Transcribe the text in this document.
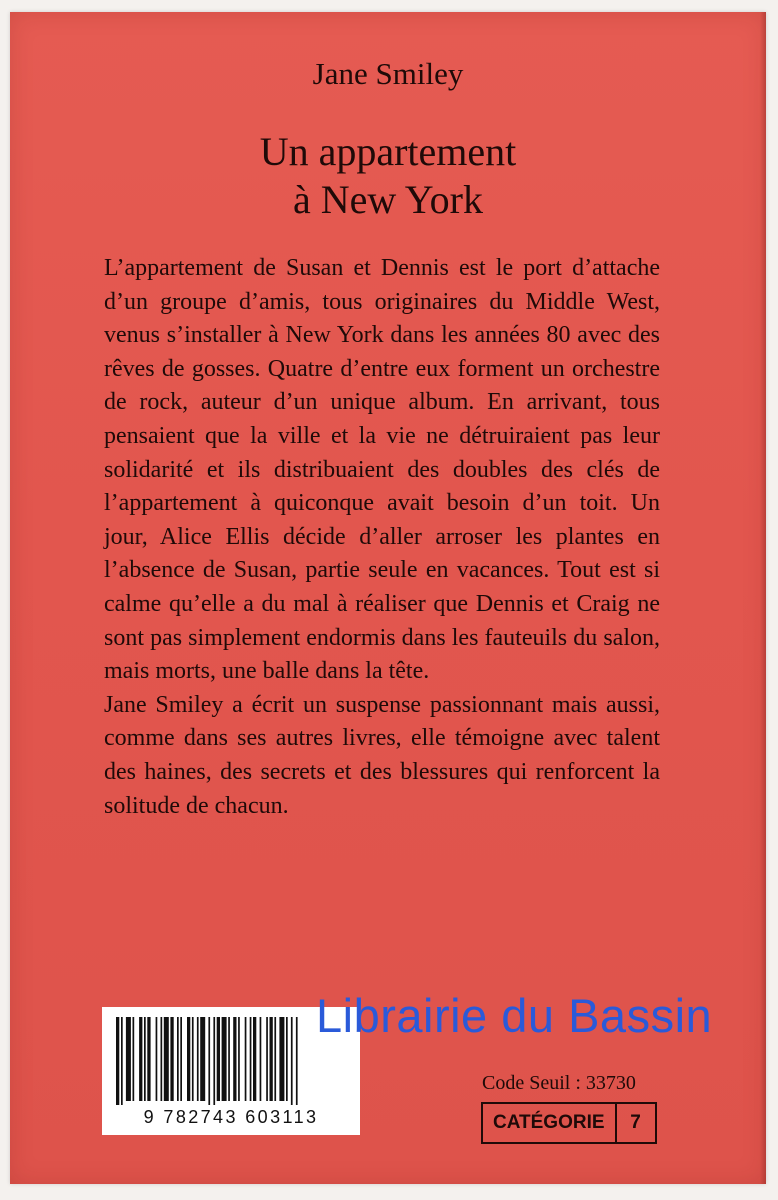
Jane Smiley
Un appartement
à New York

L’appartement de Susan et Dennis est le port d’attache d’un groupe d’amis, tous originaires du Middle West, venus s’installer à New York dans les années 80 avec des rêves de gosses. Quatre d’entre eux forment un orchestre de rock, auteur d’un unique album. En arrivant, tous pensaient que la ville et la vie ne détruiraient pas leur solidarité et ils distribuaient des doubles des clés de l’appartement à quiconque avait besoin d’un toit. Un jour, Alice Ellis décide d’aller arroser les plantes en l’absence de Susan, partie seule en vacances. Tout est si calme qu’elle a du mal à réaliser que Dennis et Craig ne sont pas simplement endormis dans les fauteuils du salon, mais morts, une balle dans la tête.

Jane Smiley a écrit un suspense passionnant mais aussi, comme dans ses autres livres, elle témoigne avec talent des haines, des secrets et des blessures qui renforcent la solitude de chacun.

9 782743 603113
Code Seuil : 33730
CATÉGORIE	7
Librairie du Bassin
